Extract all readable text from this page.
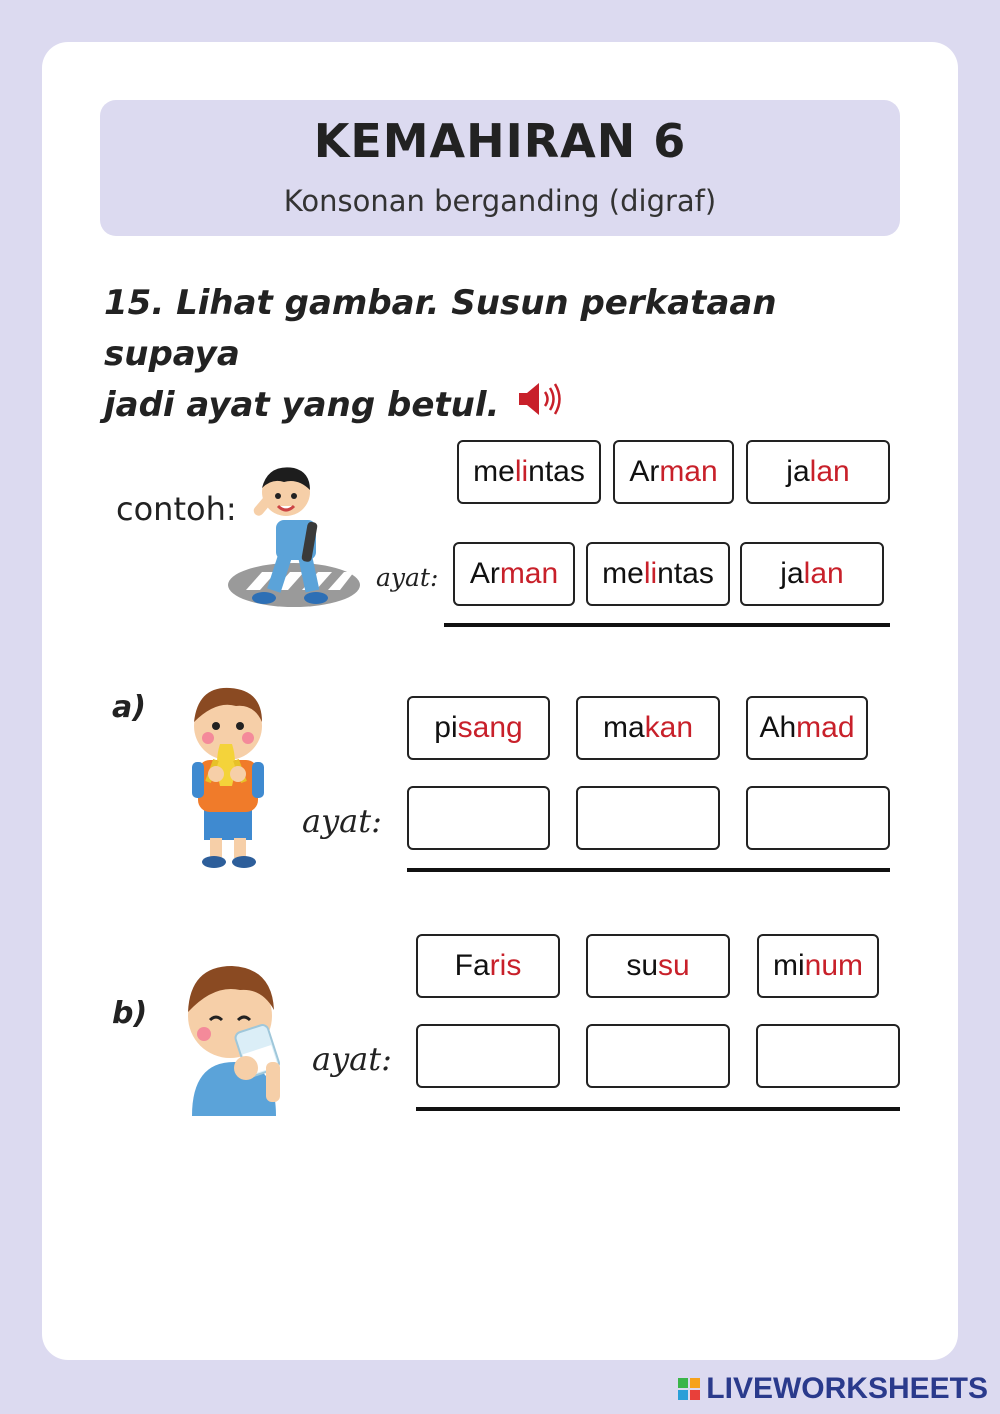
KEMAHIRAN 6
Konsonan berganding (digraf)
15. Lihat gambar. Susun perkataan supaya
jadi ayat yang betul.
contoh:
me li ntas Ar man ja lan
ayat: Ar man me li ntas ja lan
a)
pi sang	ma kan Ah mad
ayat:
b)
Fa ris	su su	mi num
ayat:
LIVEWORKSHEETS
